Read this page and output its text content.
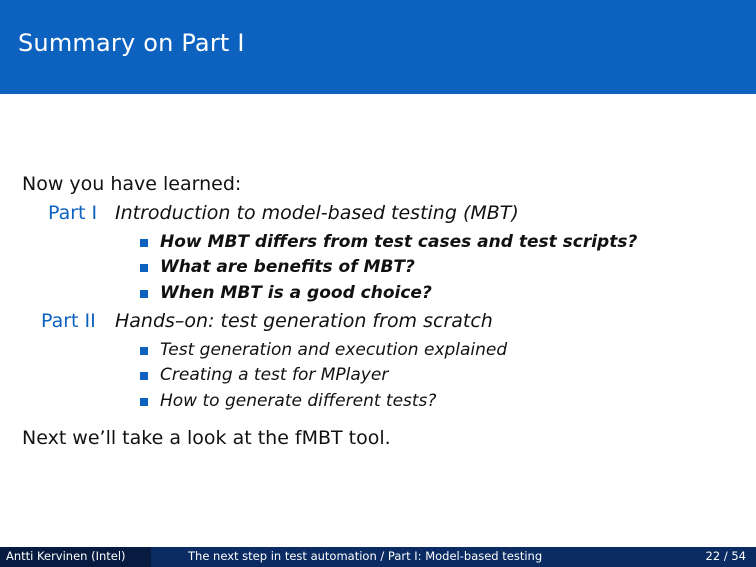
Summary on Part I
Now you have learned:
Part I Introduction to model-based testing (MBT)
How MBT differs from test cases and test scripts?
What are benefits of MBT?
When MBT is a good choice?
Part II Hands–on: test generation from scratch
Test generation and execution explained
Creating a test for MPlayer
How to generate different tests?
Next we’ll take a look at the fMBT tool.
Antti Kervinen (Intel)	The next step in test automation / Part I: Model-based testing	22 / 54
